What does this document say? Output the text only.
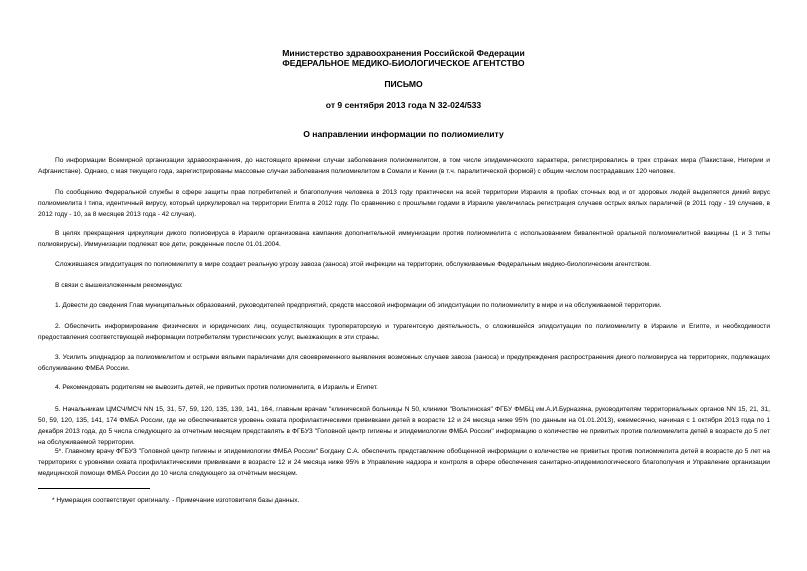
Министерство здравоохранения Российской Федерации
ФЕДЕРАЛЬНОЕ МЕДИКО-БИОЛОГИЧЕСКОЕ АГЕНТСТВО
ПИСЬМО
от 9 сентября 2013 года N 32-024/533
О направлении информации по полиомиелиту

По информации Всемирной организации здравоохранения, до настоящего времени случаи заболевания полиомиелитом, в том числе эпидемического характера, регистрировались в трех странах мира (Пакистане, Нигерии и Афганистане). Однако, с мая текущего года, зарегистрированы массовые случаи заболевания полиомиелитом в Сомали и Кении (в т.ч. паралитической формой) с общим числом пострадавших 120 человек.

По сообщению Федеральной службы в сфере защиты прав потребителей и благополучия человека в 2013 году практически на всей территории Израиля в пробах сточных вод и от здоровых людей выделяется дикий вирус полиомиелита I типа, идентичный вирусу, который циркулировал на территории Египта в 2012 году. По сравнению с прошлыми годами в Израиле увеличилась регистрация случаев острых вялых параличей (в 2011 году - 19 случаев, в 2012 году - 10, за 8 месяцев 2013 года - 42 случая).

В целях прекращения циркуляции дикого полиовируса в Израиле организована кампания дополнительной иммунизации против полиомиелита с использованием бивалентной оральной полиомиелитной вакцины (1 и 3 типы полиовирусы). Иммунизации подлежат все дети, рожденные после 01.01.2004.

Сложившаяся эпидситуация по полиомиелиту в мире создает реальную угрозу завоза (заноса) этой инфекции на территории, обслуживаемые Федеральным медико-биологическим агентством.

В связи с вышеизложенным рекомендую:

1. Довести до сведения Глав муниципальных образований, руководителей предприятий, средств массовой информации об эпидситуации по полиомиелиту в мире и на обслуживаемой территории.

2. Обеспечить информирование физических и юридических лиц, осуществляющих туроператорскую и турагентскую деятельность, о сложившейся эпидситуации по полиомиелиту в Израиле и Египте, и необходимости предоставления соответствующей информации потребителям туристических услуг, выезжающих в эти страны.

3. Усилить эпиднадзор за полиомиелитом и острыми вялыми параличами для своевременного выявления возможных случаев завоза (заноса) и предупреждения распространения дикого полиовируса на территориях, подлежащих обслуживанию ФМБА России.

4. Рекомендовать родителям не вывозить детей, не привитых против полиомиелита, в Израиль и Египет.

5. Начальникам ЦМСЧ/МСЧ NN 15, 31, 57, 59, 120, 135, 139, 141, 164, главным врачам "клинической больницы N 50, клиники "Вольтинская" ФГБУ ФМБЦ им.А.И.Бурназяна, руководителям территориальных органов NN 15, 21, 31, 50, 59, 120, 135, 141, 174 ФМБА России, где не обеспечивается уровень охвата профилактическими прививками детей в возрасте 12 и 24 месяца ниже 95% (по данным на 01.01.2013), ежемесячно, начиная с 1 октября 2013 года по 1 декабря 2013 года, до 5 числа следующего за отчетным месяцем представлять в ФГБУЗ "Головной центр гигиены и эпидемиологии ФМБА России" информацию о количестве не привитых против полиомиелита детей в возрасте до 5 лет на обслуживаемой территории.

5*. Главному врачу ФГБУЗ "Головной центр гигиены и эпидемиологии ФМБА России" Богдану С.А. обеспечить представление обобщенной информации о количестве не привитых против полиомиелита детей в возрасте до 5 лет на территориях с уровнями охвата профилактическими прививками в возрасте 12 и 24 месяца ниже 95% в Управление надзора и контроля в сфере обеспечения санитарно-эпидемиологического благополучия и Управление организации медицинской помощи ФМБА России до 10 числа следующего за отчётным месяцем.

* Нумерация соответствует оригиналу. - Примечание изготовителя базы данных.
